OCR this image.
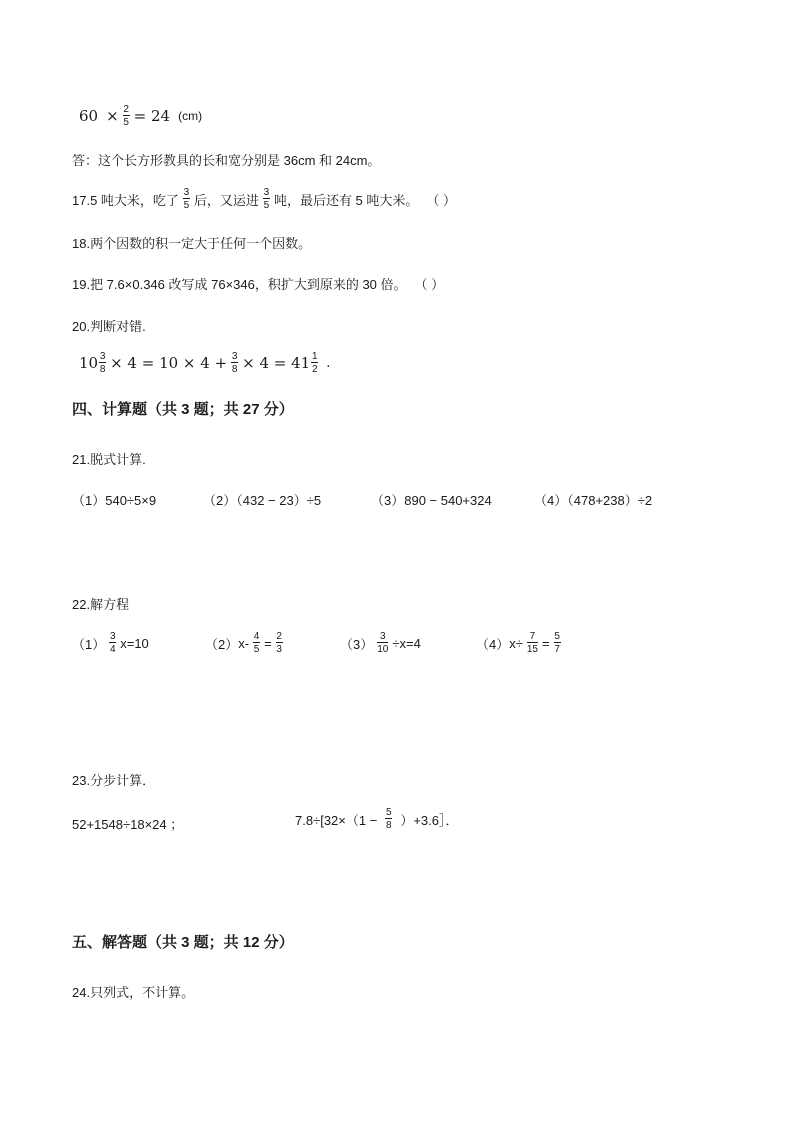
$60 \times \frac{2}{5} = 24$ (cm)
答：这个长方形教具的长和宽分别是 36cm 和 24cm。
17.5 吨大米，吃了 $\frac{3}{5}$ 后，又运进 $\frac{3}{5}$ 吨，最后还有 5 吨大米。 （ ）
18.两个因数的积一定大于任何一个因数。
19.把 7.6×0.346 改写成 76×346，积扩大到原来的 30 倍。 （ ）
20.判断对错.
$10 \frac{3}{8} \times 4 = 10 \times 4 + \frac{3}{8} \times 4 = 41 \frac{1}{2}$ .
四、计算题（共 3 题；共 27 分）
21.脱式计算.
（1）540÷5×9	（2）（432 − 23）÷5	（3）890 − 540+324	（4）（478+238）÷2
22.解方程
$(1) \frac{3}{4} x=10$	（2） $x- \frac{4}{5} = \frac{2}{3}$	$(3) \frac{3}{10} \div x=4$	（4） $x\div \frac{7}{15} = \frac{5}{7}$
23.分步计算．
52+1548÷18×24 ；	$7.8\div[32\times(1 - \frac{5}{8}$ ）+3.6］．
五、解答题（共 3 题；共 12 分）
24.只列式，不计算。
